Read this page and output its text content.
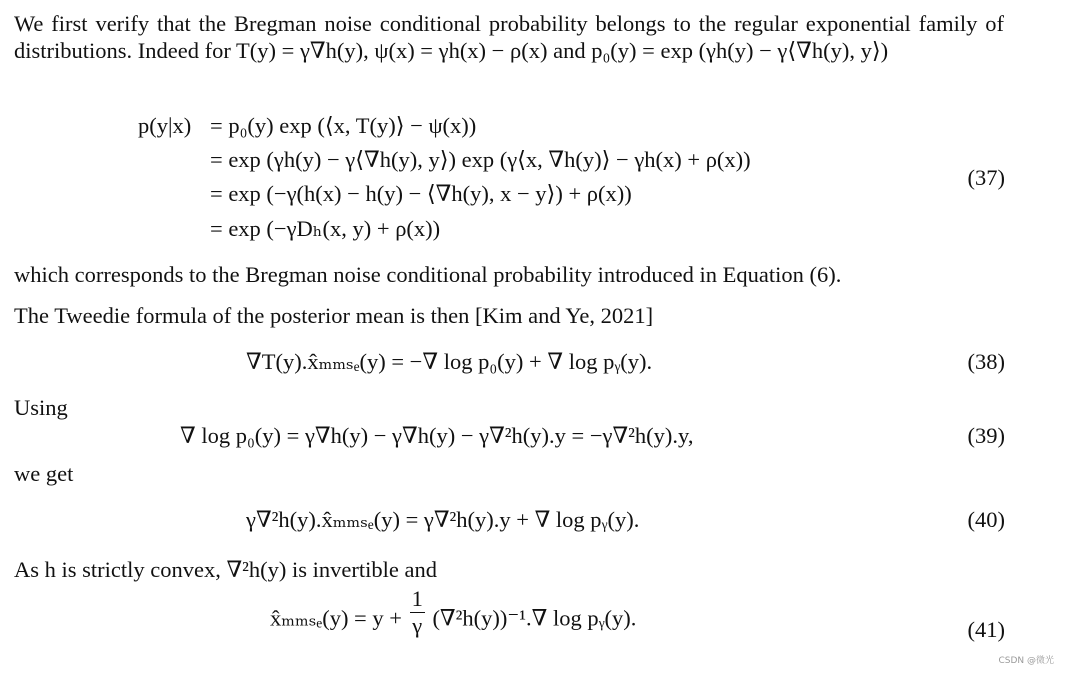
We first verify that the Bregman noise conditional probability belongs to the regular exponential family of distributions. Indeed for T(y) = γ∇h(y), ψ(x) = γh(x) − ρ(x) and p₀(y) = exp (γh(y) − γ⟨∇h(y), y⟩)
p(y|x) = p₀(y) exp (⟨x, T(y)⟩ − ψ(x))
= exp (γh(y) − γ⟨∇h(y), y⟩) exp (γ⟨x, ∇h(y)⟩ − γh(x) + ρ(x))
= exp (−γ(h(x) − h(y) − ⟨∇h(y), x − y⟩) + ρ(x))
= exp (−γDₕ(x, y) + ρ(x))
(37)
which corresponds to the Bregman noise conditional probability introduced in Equation (6).
The Tweedie formula of the posterior mean is then [Kim and Ye, 2021]
∇T(y).x̂ₘₘₛₑ(y) = −∇ log p₀(y) + ∇ log pᵧ(y).	(38)
Using
∇ log p₀(y) = γ∇h(y) − γ∇h(y) − γ∇²h(y).y = −γ∇²h(y).y,	(39)
we get
γ∇²h(y).x̂ₘₘₛₑ(y) = γ∇²h(y).y + ∇ log pᵧ(y).	(40)
As h is strictly convex, ∇²h(y) is invertible and
x̂ₘₘₛₑ(y) = $y + \frac{1}{\gamma} (\nabla^2h(y))^{-1}.\nabla$ log pᵧ(y).	(41)
CSDN @微光
